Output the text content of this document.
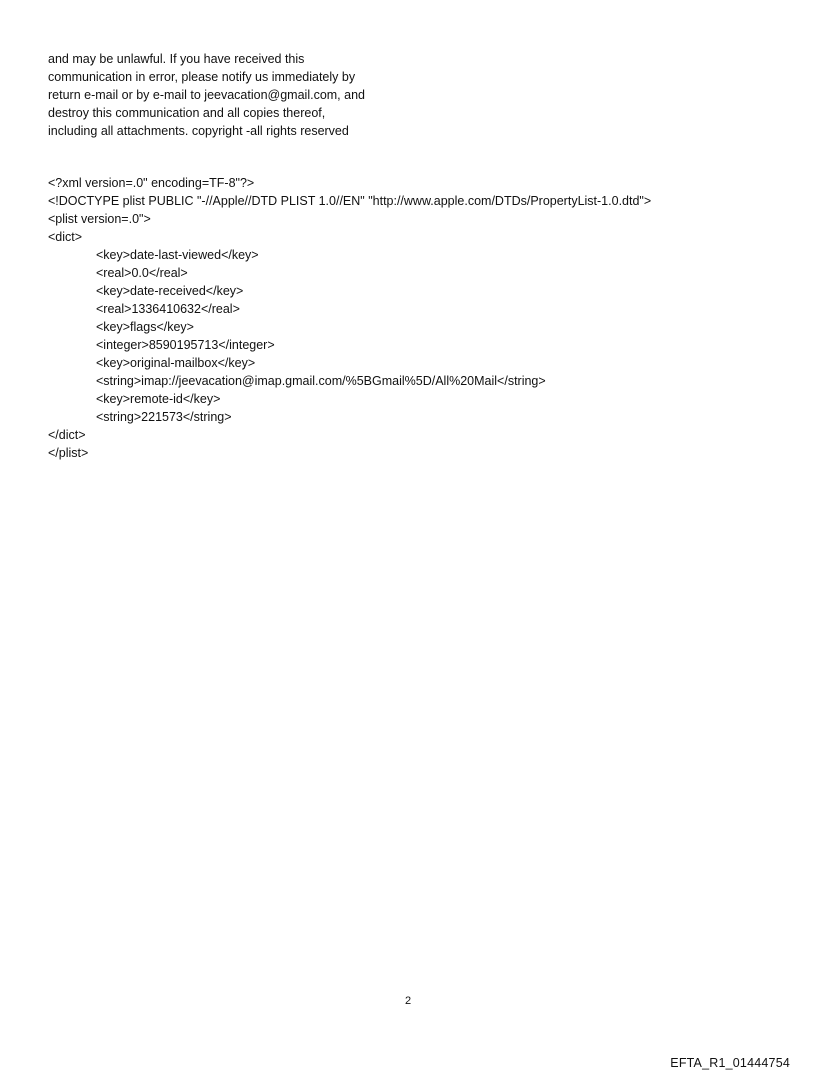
and may be unlawful. If you have received this
communication in error, please notify us immediately by
return e-mail or by e-mail to jeevacation@gmail.com, and
destroy this communication and all copies thereof,
including all attachments. copyright -all rights reserved
<?xml version=.0" encoding=TF-8"?>
<!DOCTYPE plist PUBLIC "-//Apple//DTD PLIST 1.0//EN" "http://www.apple.com/DTDs/PropertyList-1.0.dtd">
<plist version=.0">
<dict>
<key>date-last-viewed</key>
<real>0.0</real>
<key>date-received</key>
<real>1336410632</real>
<key>flags</key>
<integer>8590195713</integer>
<key>original-mailbox</key>
<string>imap://jeevacation@imap.gmail.com/%5BGmail%5D/All%20Mail</string>
<key>remote-id</key>
<string>221573</string>
</dict>
</plist>
2
EFTA_R1_01444754
